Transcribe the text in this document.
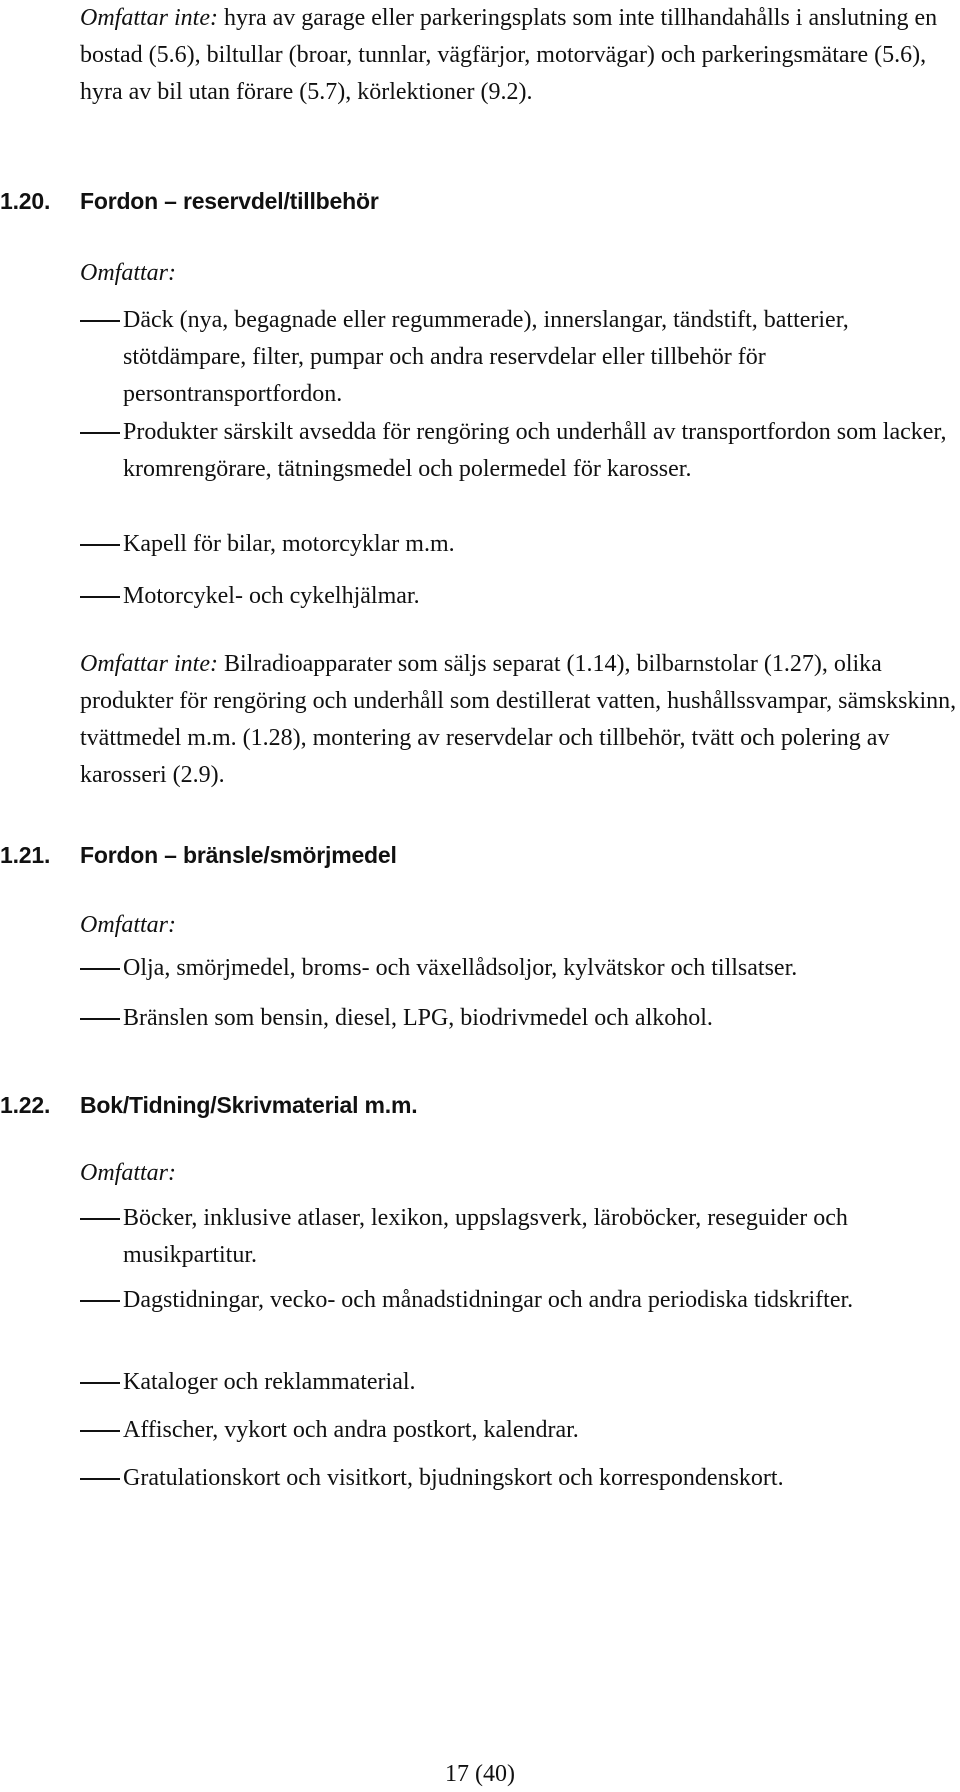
Omfattar inte: hyra av garage eller parkeringsplats som inte tillhandahålls i anslutning en bostad (5.6), biltullar (broar, tunnlar, vägfärjor, motorvägar) och parkeringsmätare (5.6), hyra av bil utan förare (5.7), körlektioner (9.2).
1.20. Fordon – reservdel/tillbehör
Omfattar:
Däck (nya, begagnade eller regummerade), innerslangar, tändstift, batterier, stötdämpare, filter, pumpar och andra reservdelar eller tillbehör för persontransportfordon.
Produkter särskilt avsedda för rengöring och underhåll av transportfordon som lacker, kromrengörare, tätningsmedel och polermedel för karosser.
Kapell för bilar, motorcyklar m.m.
Motorcykel- och cykelhjälmar.
Omfattar inte: Bilradioapparater som säljs separat (1.14), bilbarnstolar (1.27), olika produkter för rengöring och underhåll som destillerat vatten, hushållssvampar, sämskskinn, tvättmedel m.m. (1.28), montering av reservdelar och tillbehör, tvätt och polering av karosseri (2.9).
1.21. Fordon – bränsle/smörjmedel
Omfattar:
Olja, smörjmedel, broms- och växellådsoljor, kylvätskor och tillsatser.
Bränslen som bensin, diesel, LPG, biodrivmedel och alkohol.
1.22. Bok/Tidning/Skrivmaterial m.m.
Omfattar:
Böcker, inklusive atlaser, lexikon, uppslagsverk, läroböcker, reseguider och musikpartitur.
Dagstidningar, vecko- och månadstidningar och andra periodiska tidskrifter.
Kataloger och reklammaterial.
Affischer, vykort och andra postkort, kalendrar.
Gratulationskort och visitkort, bjudningskort och korrespondenskort.
17 (40)
